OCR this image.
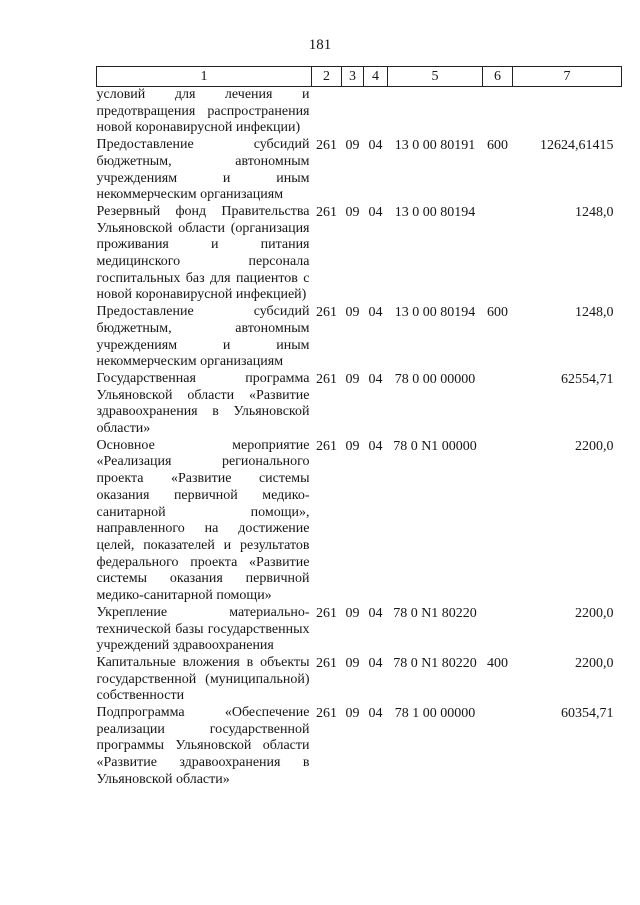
181
1	2	3	4	5	6	7
условий для лечения и предотвращения распространения новой коронавирусной инфекции)						
Предоставление субсидий бюджетным, автономным учреждениям и иным некоммерческим организациям	261	09	04	13 0 00 80191	600	12624,61415
Резервный фонд Правительства Ульяновской области (организация проживания и питания медицинского персонала госпитальных баз для пациентов с новой коронавирусной инфекцией)	261	09	04	13 0 00 80194		1248,0
Предоставление субсидий бюджетным, автономным учреждениям и иным некоммерческим организациям	261	09	04	13 0 00 80194	600	1248,0
Государственная программа Ульяновской области «Развитие здравоохранения в Ульяновской области»	261	09	04	78 0 00 00000		62554,71
Основное мероприятие «Реализация регионального проекта «Развитие системы оказания первичной медико-санитарной помощи», направленного на достижение целей, показателей и результатов федерального проекта «Развитие системы оказания первичной медико-санитарной помощи»	261	09	04	78 0 N1 00000		2200,0
Укрепление материально-технической базы государственных учреждений здравоохранения	261	09	04	78 0 N1 80220		2200,0
Капитальные вложения в объекты государственной (муниципальной) собственности	261	09	04	78 0 N1 80220	400	2200,0
Подпрограмма «Обеспечение реализации государственной программы Ульяновской области «Развитие здравоохранения в Ульяновской области»	261	09	04	78 1 00 00000		60354,71
